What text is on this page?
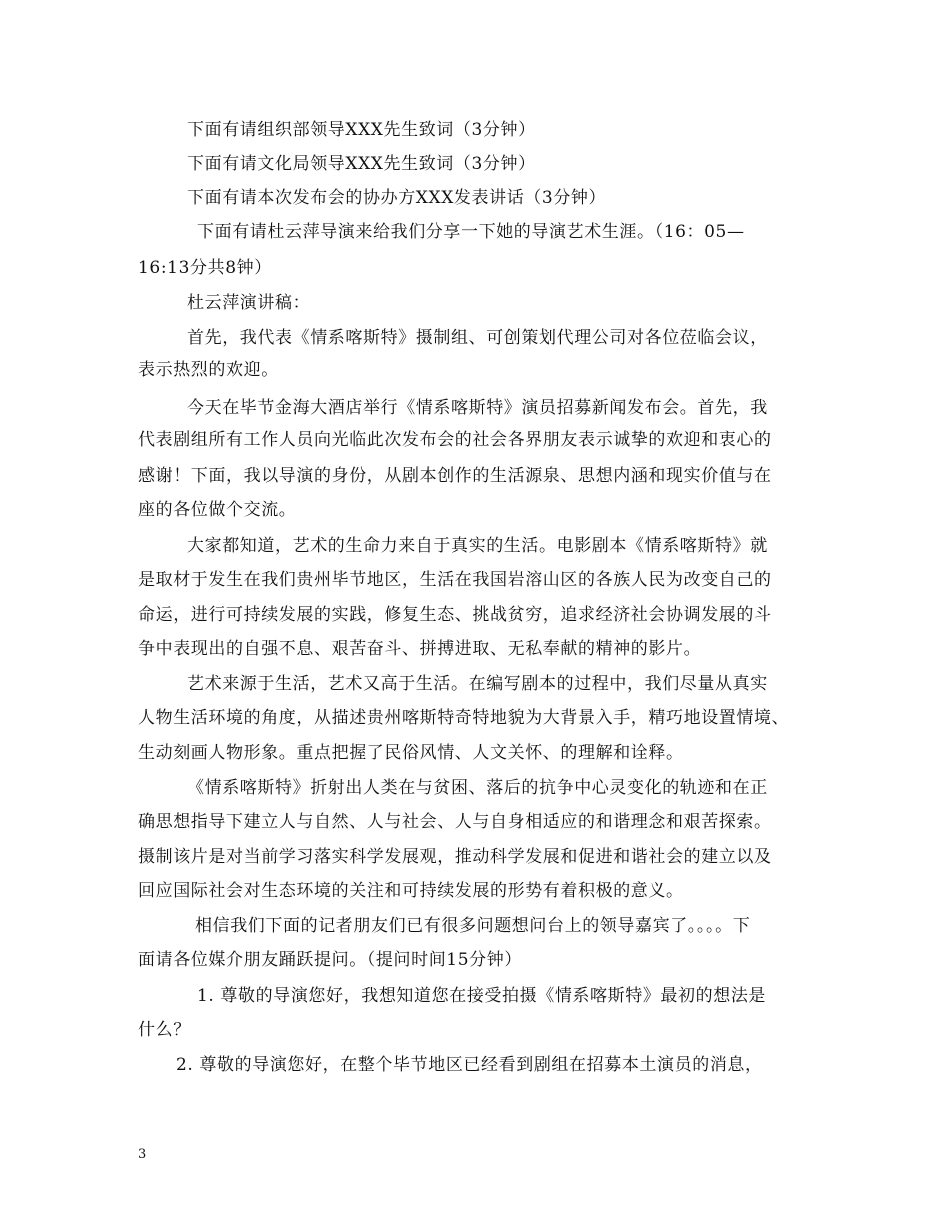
下面有请组织部领导XXX先生致词（3分钟）
下面有请文化局领导XXX先生致词（3分钟）
下面有请本次发布会的协办方XXX发表讲话（3分钟）
下面有请杜云萍导演来给我们分享一下她的导演艺术生涯。（16：05—
16:13分共8钟）
杜云萍演讲稿：
首先，我代表《情系喀斯特》摄制组、可创策划代理公司对各位莅临会议，
表示热烈的欢迎。
今天在毕节金海大酒店举行《情系喀斯特》演员招募新闻发布会。首先，我
代表剧组所有工作人员向光临此次发布会的社会各界朋友表示诚挚的欢迎和衷心的
感谢！下面，我以导演的身份，从剧本创作的生活源泉、思想内涵和现实价值与在
座的各位做个交流。
大家都知道，艺术的生命力来自于真实的生活。电影剧本《情系喀斯特》就
是取材于发生在我们贵州毕节地区，生活在我国岩溶山区的各族人民为改变自己的
命运，进行可持续发展的实践，修复生态、挑战贫穷，追求经济社会协调发展的斗
争中表现出的自强不息、艰苦奋斗、拼搏进取、无私奉献的精神的影片。
艺术来源于生活，艺术又高于生活。在编写剧本的过程中，我们尽量从真实
人物生活环境的角度，从描述贵州喀斯特奇特地貌为大背景入手，精巧地设置情境、
生动刻画人物形象。重点把握了民俗风情、人文关怀、的理解和诠释。
《情系喀斯特》折射出人类在与贫困、落后的抗争中心灵变化的轨迹和在正
确思想指导下建立人与自然、人与社会、人与自身相适应的和谐理念和艰苦探索。
摄制该片是对当前学习落实科学发展观，推动科学发展和促进和谐社会的建立以及
回应国际社会对生态环境的关注和可持续发展的形势有着积极的意义。
相信我们下面的记者朋友们已有很多问题想问台上的领导嘉宾了。。。。下
面请各位媒介朋友踊跃提问。（提问时间15分钟）
1. 尊敬的导演您好，我想知道您在接受拍摄《情系喀斯特》最初的想法是
什么？
2. 尊敬的导演您好，在整个毕节地区已经看到剧组在招募本土演员的消息，
3
